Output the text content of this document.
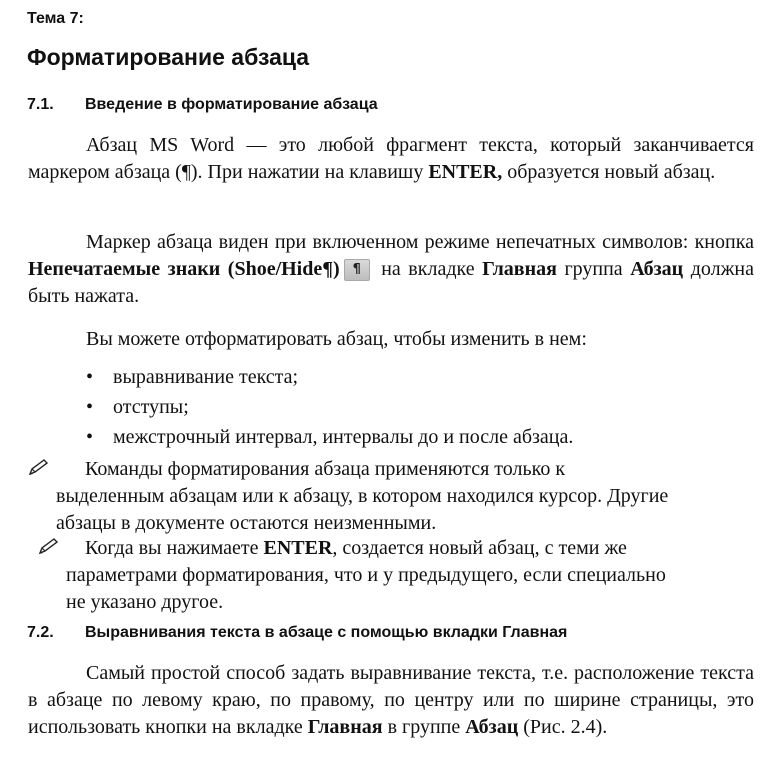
Тема 7:
Форматирование абзаца
7.1. Введение в форматирование абзаца
Абзац MS Word — это любой фрагмент текста, который заканчивается маркером абзаца (¶). При нажатии на клавишу ENTER, образуется новый абзац.
Маркер абзаца виден при включенном режиме непечатных символов: кнопка Непечатаемые знаки (Shoe/Hide¶) ¶ на вкладке Главная группа Абзац должна быть нажата.
Вы можете отформатировать абзац, чтобы изменить в нем:
• выравнивание текста;
• отступы;
• межстрочный интервал, интервалы до и после абзаца.
Команды форматирования абзаца применяются только к
выделенным абзацам или к абзацу, в котором находился курсор. Другие
абзацы в документе остаются неизменными.
Когда вы нажимаете ENTER, создается новый абзац, с теми же
параметрами форматирования, что и у предыдущего, если специально
не указано другое.
7.2. Выравнивания текста в абзаце с помощью вкладки Главная
Самый простой способ задать выравнивание текста, т.е. расположение текста в абзаце по левому краю, по правому, по центру или по ширине страницы, это использовать кнопки на вкладке Главная в группе Абзац (Рис. 2.4).
